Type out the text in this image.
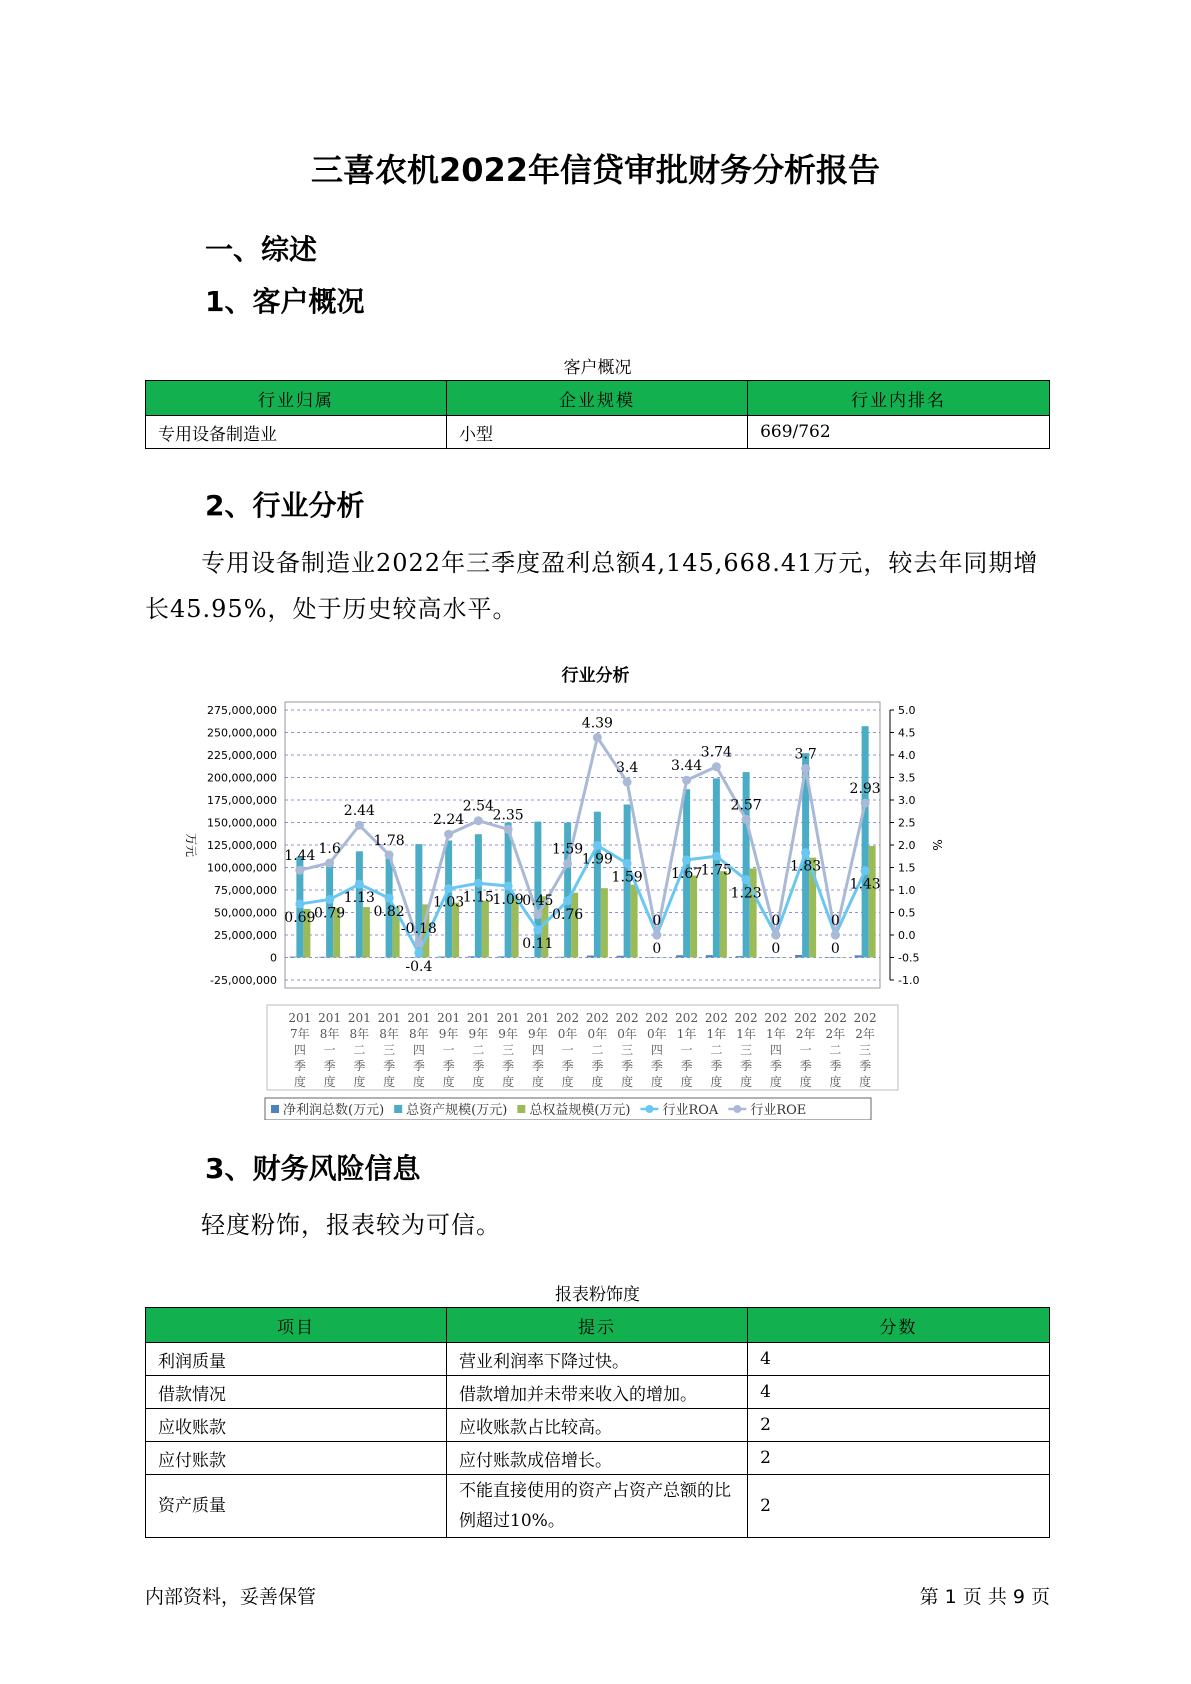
三喜农机2022年信贷审批财务分析报告
一、综述
1、客户概况
客户概况
行业归属	企业规模	行业内排名
专用设备制造业	小型	669/762
2、行业分析

专用设备制造业2022年三季度盈利总额4,145,668.41万元，较去年同期增长45.95%，处于历史较高水平。

行业分析
275,000,000
250,000,000
225,000,000
200,000,000
175,000,000
150,000,000
125,000,000
100,000,000
75,000,000
50,000,000
25,000,000
0
-25,000,000
5.0
4.5
4.0
3.5
3.0
2.5
2.0
1.5
1.0
0.5
0.0
-0.5
-1.0
万元	%
0.69
0.79
1.13
0.82
-0.4
1.03
1.15
1.09
0.11
0.76
1.99
1.59
0
1.67
1.75
1.23
0
1.83
0
1.43
1.44 1.6
2.44
1.78
-0.18
2.24
2.54
2.35
0.45
1.59
4.39
3.4
0
3.44
3.74
2.57
0
3.7
0
2.93
201
7年
四
季
度
201
8年
一
季
度
201
8年
二
季
度
201
8年
三
季
度
201
8年
四
季
度
201
9年
一
季
度
201
9年
二
季
度
201
9年
三
季
度
201
9年
四
季
度
202
0年
一
季
度
202
0年
二
季
度
202
0年
三
季
度
202
0年
四
季
度
202
1年
一
季
度
202
1年
二
季
度
202
1年
三
季
度
202
1年
四
季
度
202
2年
一
季
度
202
2年
二
季
度
202
2年
三
季
度
净利润总数(万元) 总资产规模(万元) 总权益规模(万元) 行业ROA 行业ROE
3、财务风险信息

轻度粉饰，报表较为可信。

报表粉饰度
项目	提示	分数
利润质量	营业利润率下降过快。	4
借款情况	借款增加并未带来收入的增加。	4
应收账款	应收账款占比较高。	2
应付账款	应付账款成倍增长。	2
资产质量	不能直接使用的资产占资产总额的比例超过10%。	2
内部资料，妥善保管	第 1 页 共 9 页
